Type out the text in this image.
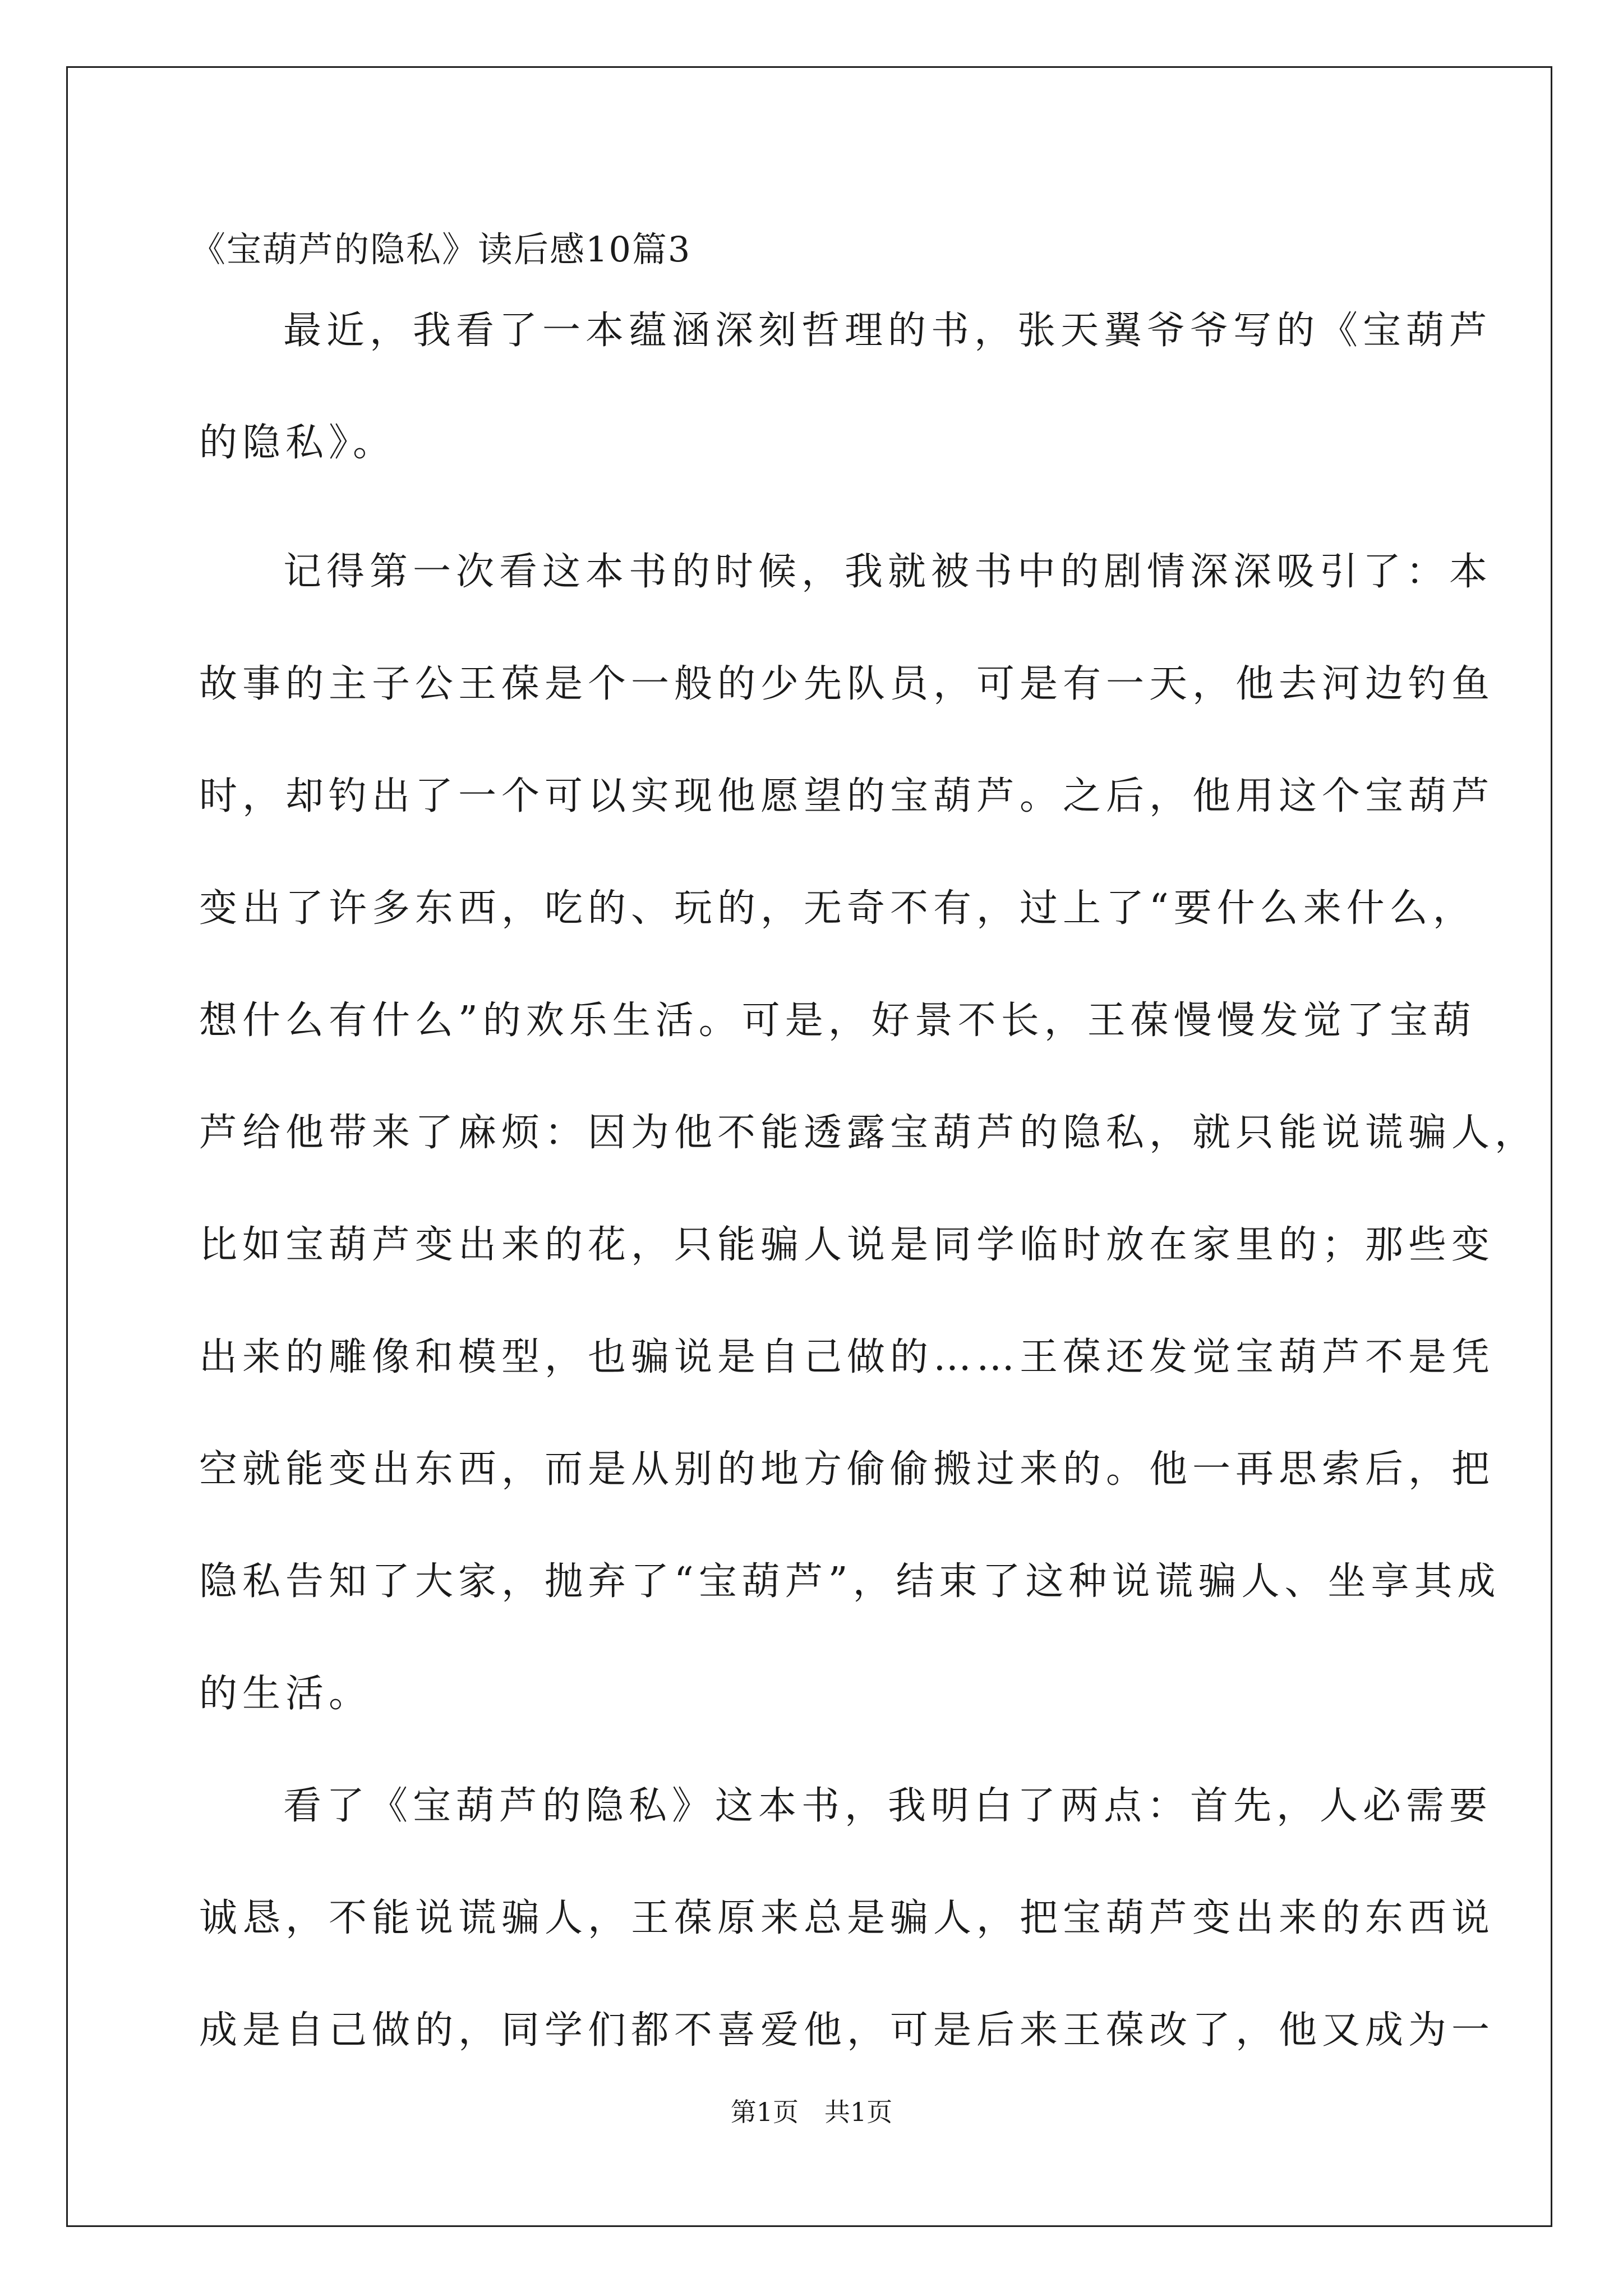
《宝葫芦的隐私》读后感10篇3
最近，我看了一本蕴涵深刻哲理的书，张天翼爷爷写的《宝葫芦
的隐私》。
记得第一次看这本书的时候，我就被书中的剧情深深吸引了：本
故事的主子公王葆是个一般的少先队员，可是有一天，他去河边钓鱼
时，却钓出了一个可以实现他愿望的宝葫芦。之后，他用这个宝葫芦
变出了许多东西，吃的、玩的，无奇不有，过上了“要什么来什么，
想什么有什么”的欢乐生活。可是，好景不长，王葆慢慢发觉了宝葫
芦给他带来了麻烦：因为他不能透露宝葫芦的隐私，就只能说谎骗人，
比如宝葫芦变出来的花，只能骗人说是同学临时放在家里的；那些变
出来的雕像和模型，也骗说是自己做的……王葆还发觉宝葫芦不是凭
空就能变出东西，而是从别的地方偷偷搬过来的。他一再思索后，把
隐私告知了大家，抛弃了“宝葫芦”，结束了这种说谎骗人、坐享其成
的生活。
看了《宝葫芦的隐私》这本书，我明白了两点：首先，人必需要
诚恳，不能说谎骗人，王葆原来总是骗人，把宝葫芦变出来的东西说
成是自己做的，同学们都不喜爱他，可是后来王葆改了，他又成为一
第1页　共1页
